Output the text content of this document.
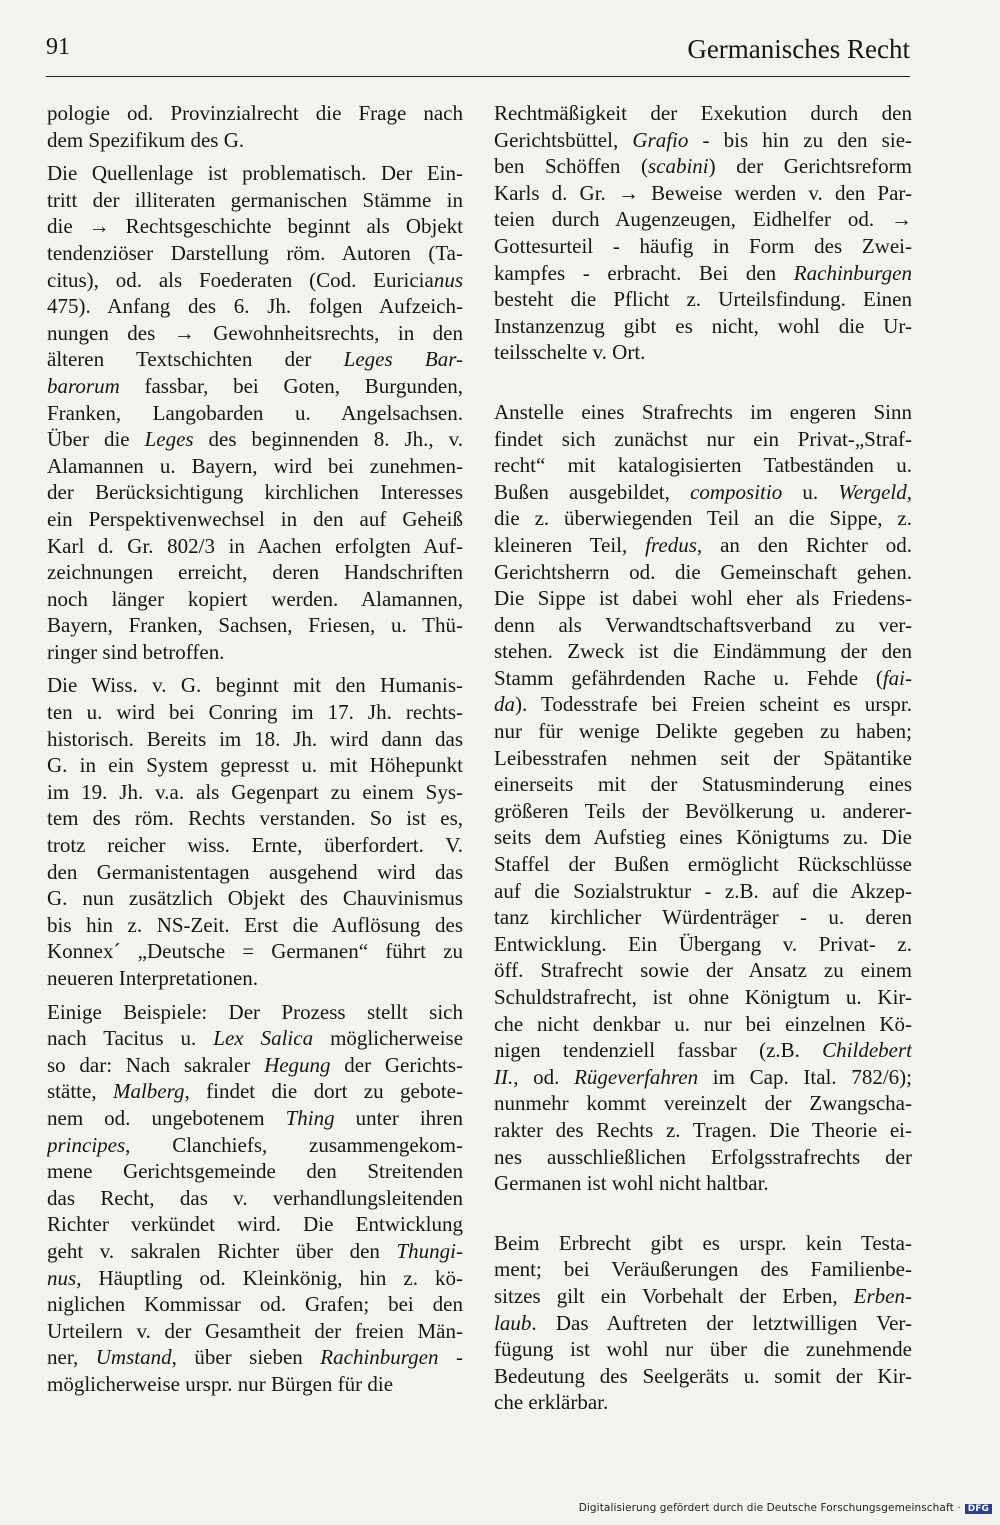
91	Germanisches Recht

pologie od. Provinzialrecht die Frage nach
dem Spezifikum des G.

Die Quellenlage ist problematisch. Der Ein-
tritt der illiteraten germanischen Stämme in
die → Rechtsgeschichte beginnt als Objekt
tendenziöser Darstellung röm. Autoren (Ta-
citus), od. als Foederaten (Cod. Euricianus
475). Anfang des 6. Jh. folgen Aufzeich-
nungen des → Gewohnheitsrechts, in den
älteren Textschichten der Leges Bar-
barorum fassbar, bei Goten, Burgunden,
Franken, Langobarden u. Angelsachsen.
Über die Leges des beginnenden 8. Jh., v.
Alamannen u. Bayern, wird bei zunehmen-
der Berücksichtigung kirchlichen Interesses
ein Perspektivenwechsel in den auf Geheiß
Karl d. Gr. 802/3 in Aachen erfolgten Auf-
zeichnungen erreicht, deren Handschriften
noch länger kopiert werden. Alamannen,
Bayern, Franken, Sachsen, Friesen, u. Thü-
ringer sind betroffen.

Die Wiss. v. G. beginnt mit den Humanis-
ten u. wird bei Conring im 17. Jh. rechts-
historisch. Bereits im 18. Jh. wird dann das
G. in ein System gepresst u. mit Höhepunkt
im 19. Jh. v.a. als Gegenpart zu einem Sys-
tem des röm. Rechts verstanden. So ist es,
trotz reicher wiss. Ernte, überfordert. V.
den Germanistentagen ausgehend wird das
G. nun zusätzlich Objekt des Chauvinismus
bis hin z. NS-Zeit. Erst die Auflösung des
Konnex´ „Deutsche = Germanen“ führt zu
neueren Interpretationen.

Einige Beispiele: Der Prozess stellt sich
nach Tacitus u. Lex Salica möglicherweise
so dar: Nach sakraler Hegung der Gerichts-
stätte, Malberg, findet die dort zu gebote-
nem od. ungebotenem Thing unter ihren
principes, Clanchiefs, zusammengekom-
mene Gerichtsgemeinde den Streitenden
das Recht, das v. verhandlungsleitenden
Richter verkündet wird. Die Entwicklung
geht v. sakralen Richter über den Thungi-
nus, Häuptling od. Kleinkönig, hin z. kö-
niglichen Kommissar od. Grafen; bei den
Urteilern v. der Gesamtheit der freien Män-
ner, Umstand, über sieben Rachinburgen -
möglicherweise urspr. nur Bürgen für die

Rechtmäßigkeit der Exekution durch den
Gerichtsbüttel, Grafio - bis hin zu den sie-
ben Schöffen (scabini) der Gerichtsreform
Karls d. Gr. → Beweise werden v. den Par-
teien durch Augenzeugen, Eidhelfer od. →
Gottesurteil - häufig in Form des Zwei-
kampfes - erbracht. Bei den Rachinburgen
besteht die Pflicht z. Urteilsfindung. Einen
Instanzenzug gibt es nicht, wohl die Ur-
teilsschelte v. Ort.

Anstelle eines Strafrechts im engeren Sinn
findet sich zunächst nur ein Privat-„Straf-
recht“ mit katalogisierten Tatbeständen u.
Bußen ausgebildet, compositio u. Wergeld,
die z. überwiegenden Teil an die Sippe, z.
kleineren Teil, fredus, an den Richter od.
Gerichtsherrn od. die Gemeinschaft gehen.
Die Sippe ist dabei wohl eher als Friedens-
denn als Verwandtschaftsverband zu ver-
stehen. Zweck ist die Eindämmung der den
Stamm gefährdenden Rache u. Fehde (fai-
da). Todesstrafe bei Freien scheint es urspr.
nur für wenige Delikte gegeben zu haben;
Leibesstrafen nehmen seit der Spätantike
einerseits mit der Statusminderung eines
größeren Teils der Bevölkerung u. anderer-
seits dem Aufstieg eines Königtums zu. Die
Staffel der Bußen ermöglicht Rückschlüsse
auf die Sozialstruktur - z.B. auf die Akzep-
tanz kirchlicher Würdenträger - u. deren
Entwicklung. Ein Übergang v. Privat- z.
öff. Strafrecht sowie der Ansatz zu einem
Schuldstrafrecht, ist ohne Königtum u. Kir-
che nicht denkbar u. nur bei einzelnen Kö-
nigen tendenziell fassbar (z.B. Childebert
II., od. Rügeverfahren im Cap. Ital. 782/6);
nunmehr kommt vereinzelt der Zwangscha-
rakter des Rechts z. Tragen. Die Theorie ei-
nes ausschließlichen Erfolgsstrafrechts der
Germanen ist wohl nicht haltbar.

Beim Erbrecht gibt es urspr. kein Testa-
ment; bei Veräußerungen des Familienbe-
sitzes gilt ein Vorbehalt der Erben, Erben-
laub. Das Auftreten der letztwilligen Ver-
fügung ist wohl nur über die zunehmende
Bedeutung des Seelgeräts u. somit der Kir-
che erklärbar.

Digitalisierung gefördert durch die Deutsche Forschungsgemeinschaft · DFG
